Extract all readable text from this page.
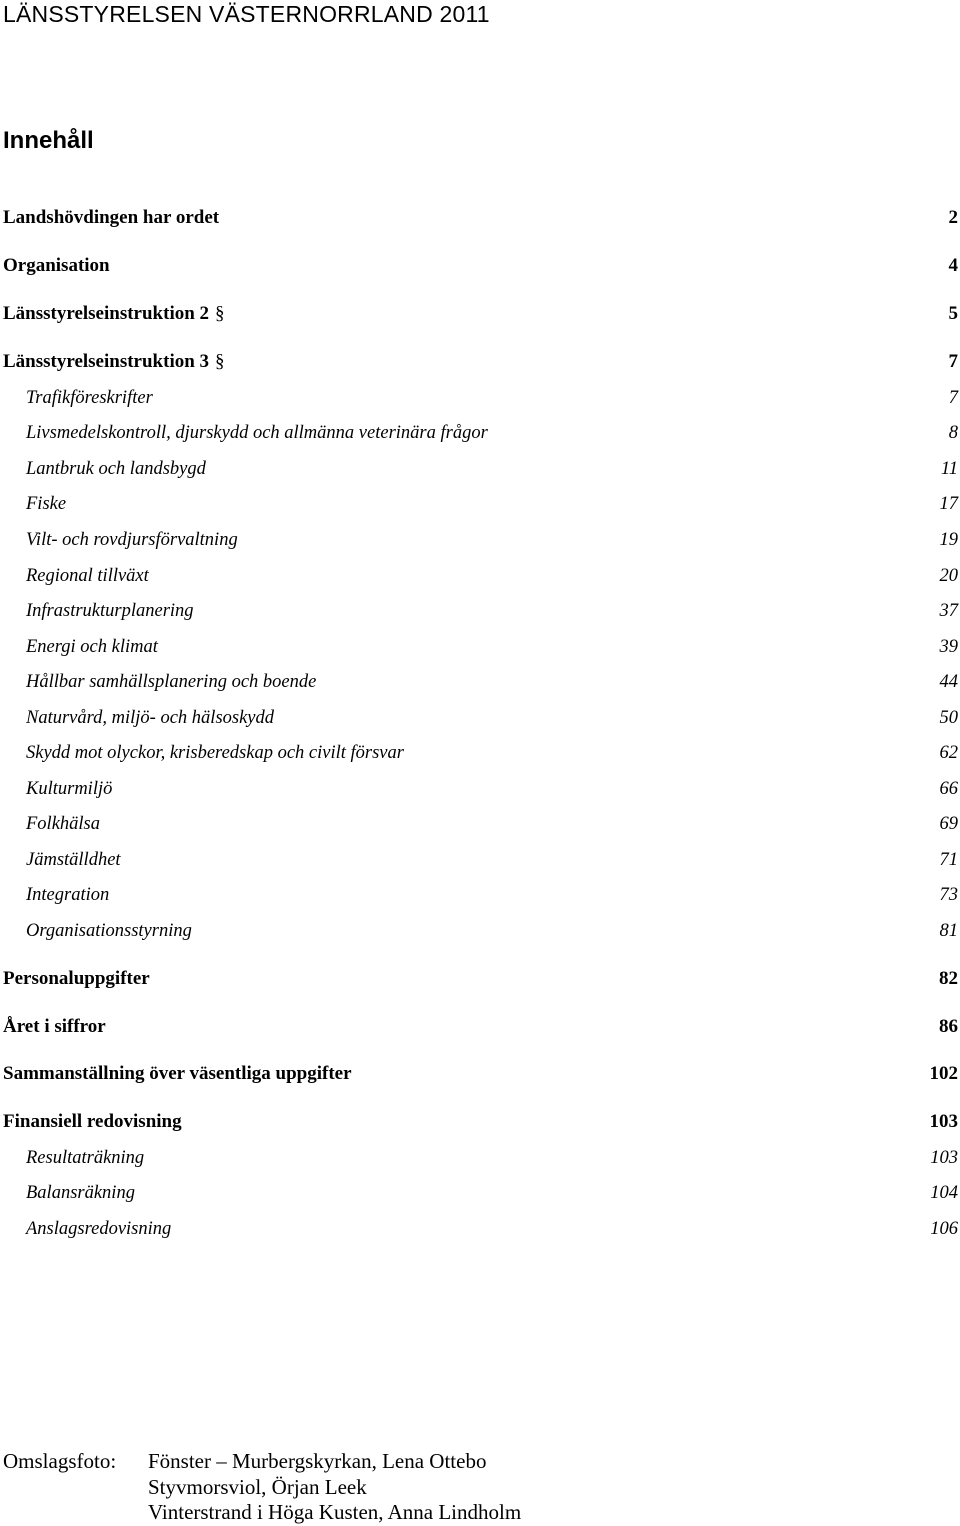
LÄNSSTYRELSEN VÄSTERNORRLAND 2011
Innehåll
Landshövdingen har ordet	2
Organisation	4
Länsstyrelseinstruktion 2 §	5
Länsstyrelseinstruktion 3 §	7
Trafikföreskrifter	7
Livsmedelskontroll, djurskydd och allmänna veterinära frågor	8
Lantbruk och landsbygd	11
Fiske	17
Vilt- och rovdjursförvaltning	19
Regional tillväxt	20
Infrastrukturplanering	37
Energi och klimat	39
Hållbar samhällsplanering och boende	44
Naturvård, miljö- och hälsoskydd	50
Skydd mot olyckor, krisberedskap och civilt försvar	62
Kulturmiljö	66
Folkhälsa	69
Jämställdhet	71
Integration	73
Organisationsstyrning	81
Personaluppgifter	82
Året i siffror	86
Sammanställning över väsentliga uppgifter	102
Finansiell redovisning	103
Resultaträkning	103
Balansräkning	104
Anslagsredovisning	106
Omslagsfoto: Fönster – Murbergskyrkan, Lena Ottebo
Styvmorsviol, Örjan Leek
Vinterstrand i Höga Kusten, Anna Lindholm
